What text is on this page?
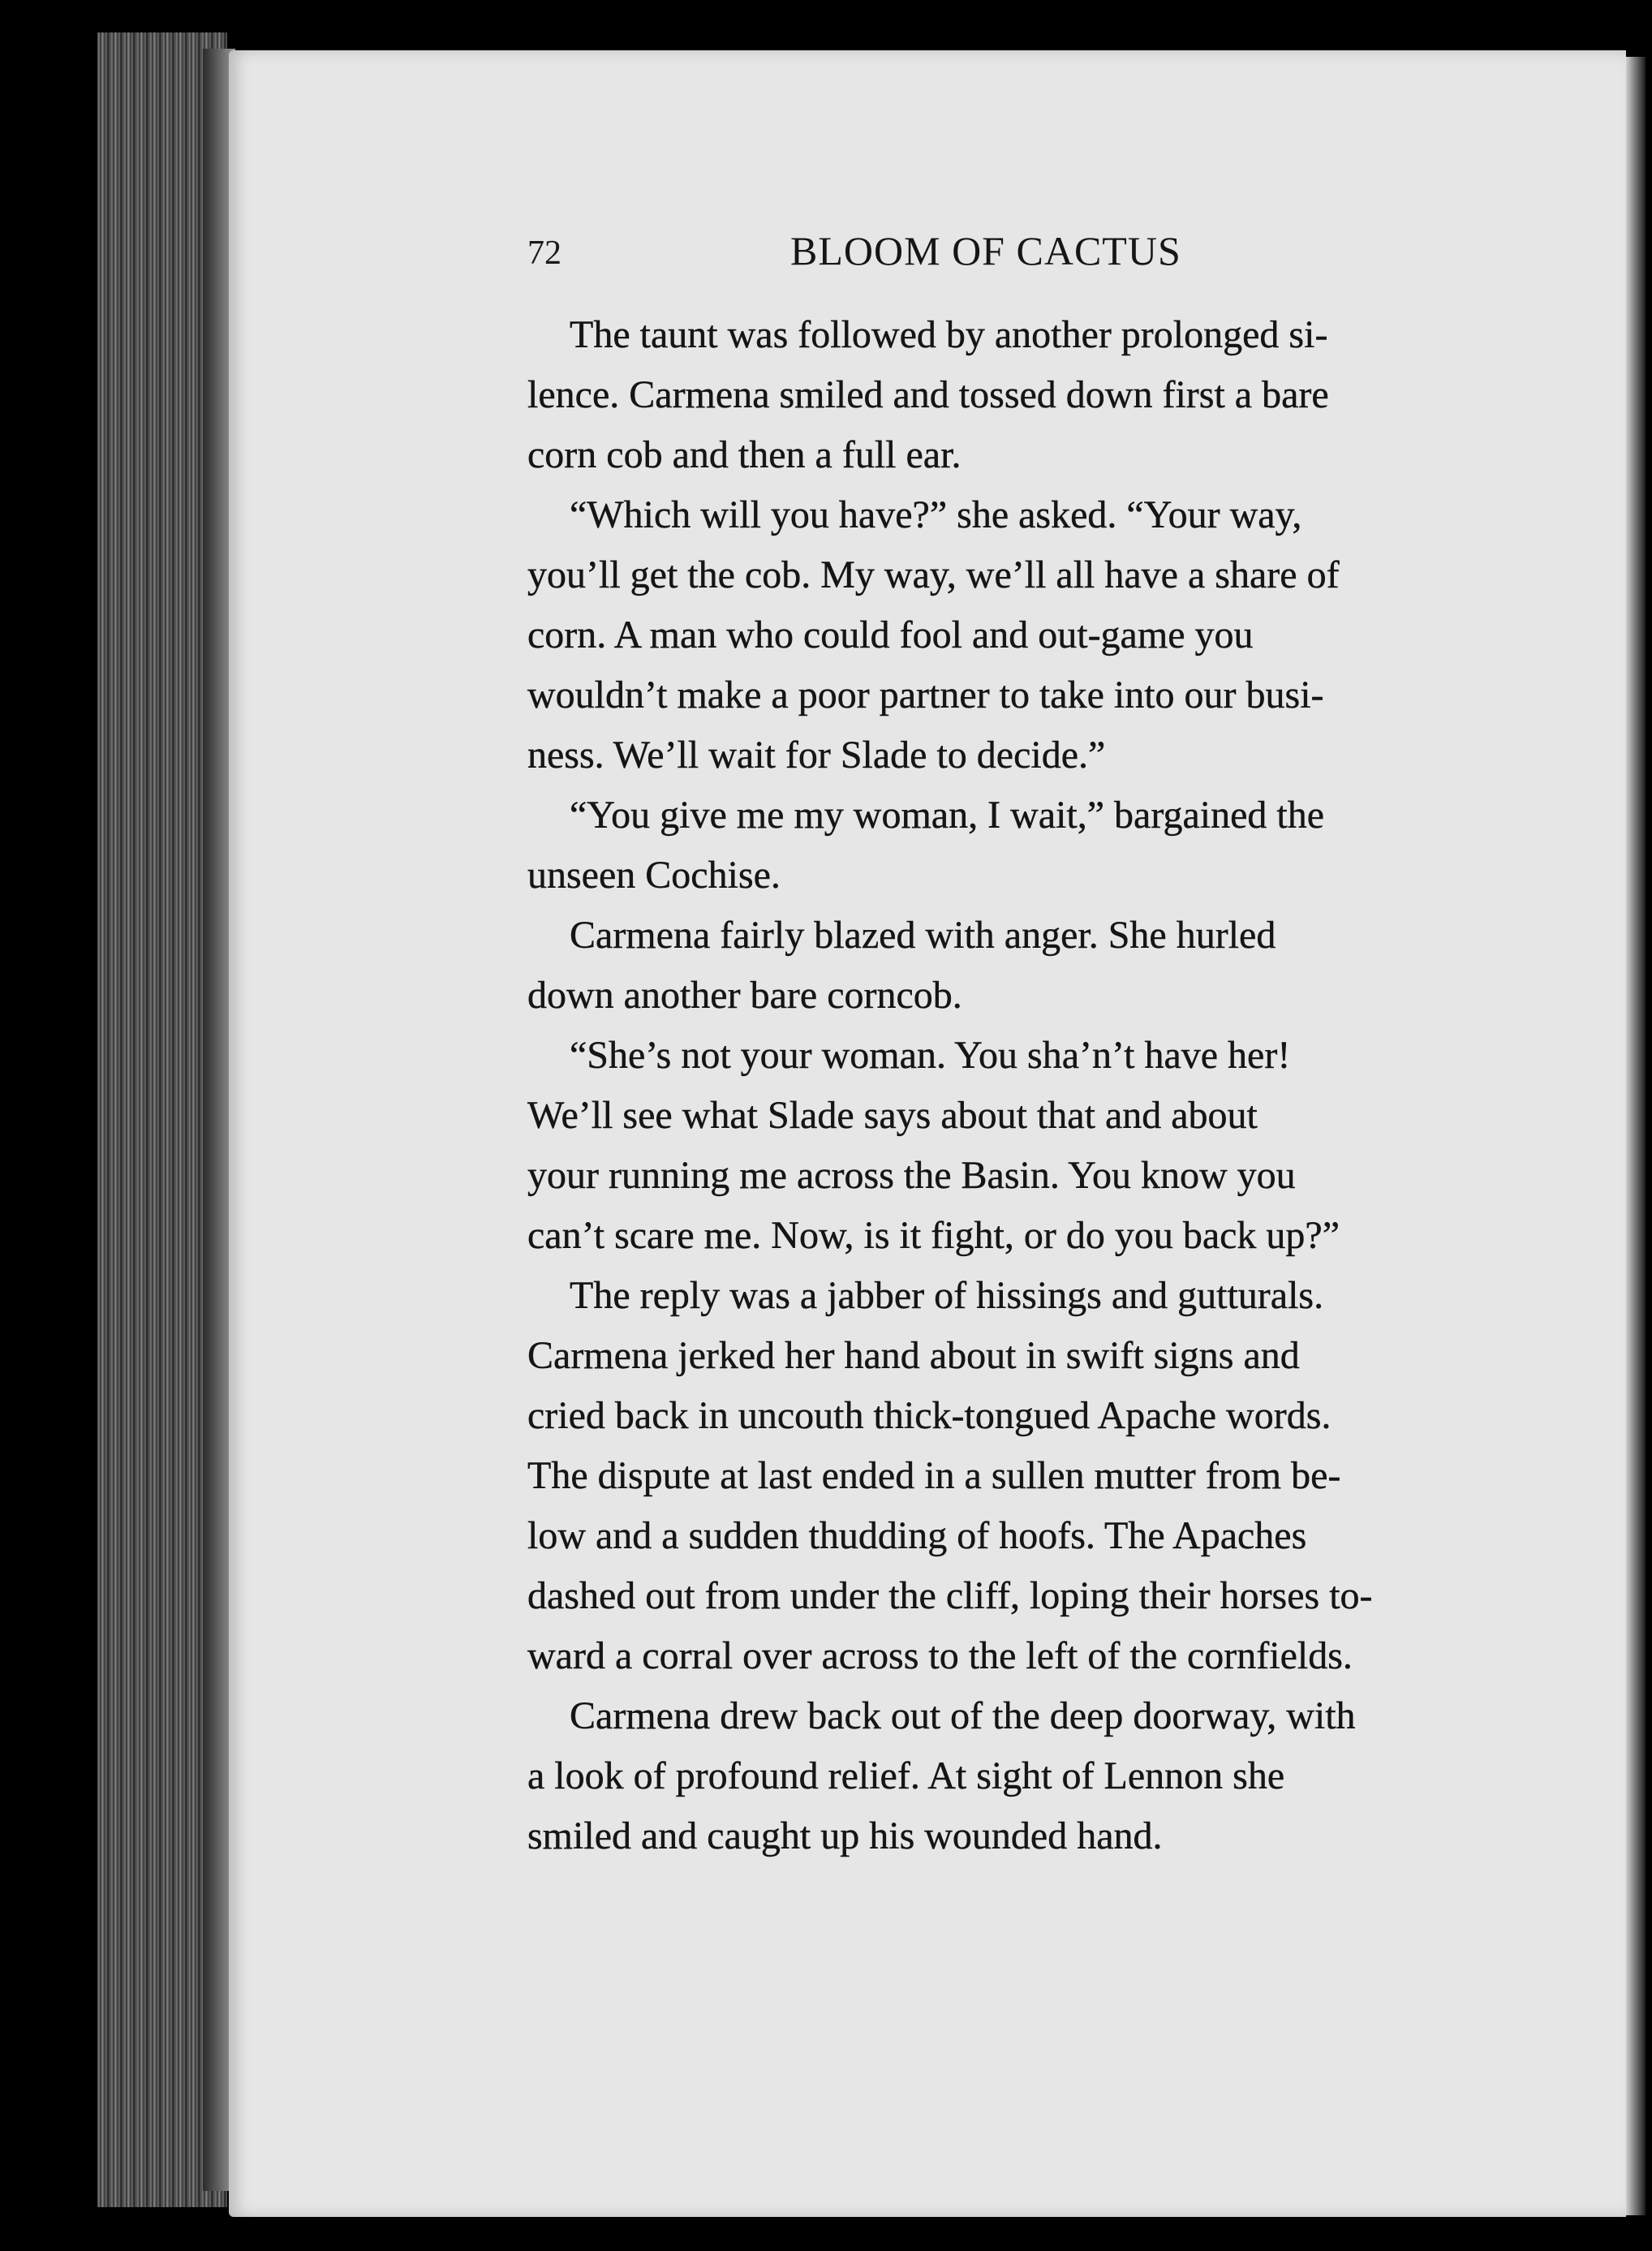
72	BLOOM OF CACTUS

The taunt was followed by another prolonged si-
lence. Carmena smiled and tossed down first a bare
corn cob and then a full ear.

“Which will you have?” she asked. “Your way,
you’ll get the cob. My way, we’ll all have a share of
corn. A man who could fool and out-game you
wouldn’t make a poor partner to take into our busi-
ness. We’ll wait for Slade to decide.”

“You give me my woman, I wait,” bargained the
unseen Cochise.

Carmena fairly blazed with anger. She hurled
down another bare corncob.

“She’s not your woman. You sha’n’t have her!
We’ll see what Slade says about that and about
your running me across the Basin. You know you
can’t scare me. Now, is it fight, or do you back up?”

The reply was a jabber of hissings and gutturals.
Carmena jerked her hand about in swift signs and
cried back in uncouth thick-tongued Apache words.
The dispute at last ended in a sullen mutter from be-
low and a sudden thudding of hoofs. The Apaches
dashed out from under the cliff, loping their horses to-
ward a corral over across to the left of the cornfields.

Carmena drew back out of the deep doorway, with
a look of profound relief. At sight of Lennon she
smiled and caught up his wounded hand.
